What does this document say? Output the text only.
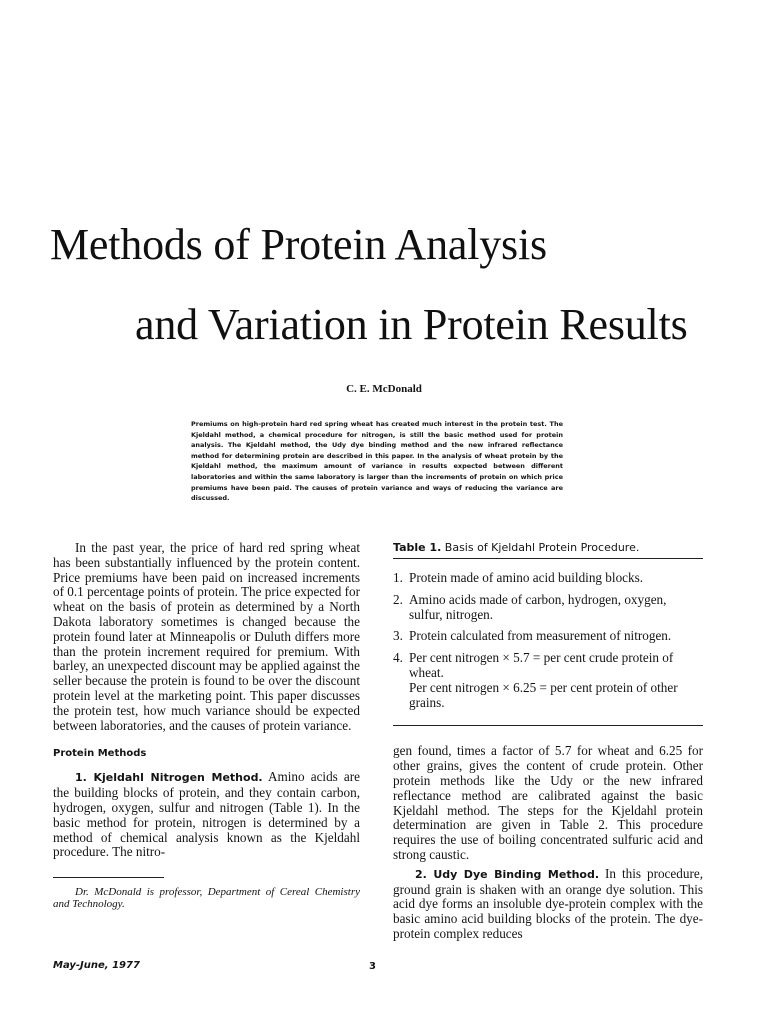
Methods of Protein Analysis
and Variation in Protein Results
C. E. McDonald

Premiums on high-protein hard red spring wheat has created much interest in the protein test. The Kjeldahl method, a chemical procedure for nitrogen, is still the basic method used for protein analysis. The Kjeldahl method, the Udy dye binding method and the new infrared reflectance method for determining protein are described in this paper. In the analysis of wheat protein by the Kjeldahl method, the maximum amount of variance in results expected between different laboratories and within the same laboratory is larger than the increments of protein on which price premiums have been paid. The causes of protein variance and ways of reducing the variance are discussed.

In the past year, the price of hard red spring wheat has been substantially influenced by the protein content. Price premiums have been paid on increased increments of 0.1 percentage points of protein. The price expected for wheat on the basis of protein as determined by a North Dakota laboratory sometimes is changed because the protein found later at Minneapolis or Duluth differs more than the protein increment required for premium. With barley, an unexpected discount may be applied against the seller because the protein is found to be over the discount protein level at the marketing point. This paper discusses the protein test, how much variance should be expected between laboratories, and the causes of protein variance.

Protein Methods

1. Kjeldahl Nitrogen Method. Amino acids are the building blocks of protein, and they contain carbon, hydrogen, oxygen, sulfur and nitrogen (Table 1). In the basic method for protein, nitrogen is determined by a method of chemical analysis known as the Kjeldahl procedure. The nitro-

Dr. McDonald is professor, Department of Cereal Chemistry and Technology.

Table 1. Basis of Kjeldahl Protein Procedure.
1. Protein made of amino acid building blocks.
2. Amino acids made of carbon, hydrogen, oxygen, sulfur, nitrogen.
3. Protein calculated from measurement of nitrogen.
4. Per cent nitrogen × 5.7 = per cent crude protein of wheat.
Per cent nitrogen × 6.25 = per cent protein of other grains.

gen found, times a factor of 5.7 for wheat and 6.25 for other grains, gives the content of crude protein. Other protein methods like the Udy or the new infrared reflectance method are calibrated against the basic Kjeldahl method. The steps for the Kjeldahl protein determination are given in Table 2. This procedure requires the use of boiling concentrated sulfuric acid and strong caustic.

2. Udy Dye Binding Method. In this procedure, ground grain is shaken with an orange dye solution. This acid dye forms an insoluble dye-protein complex with the basic amino acid building blocks of the protein. The dye-protein complex reduces

May-June, 1977	3
